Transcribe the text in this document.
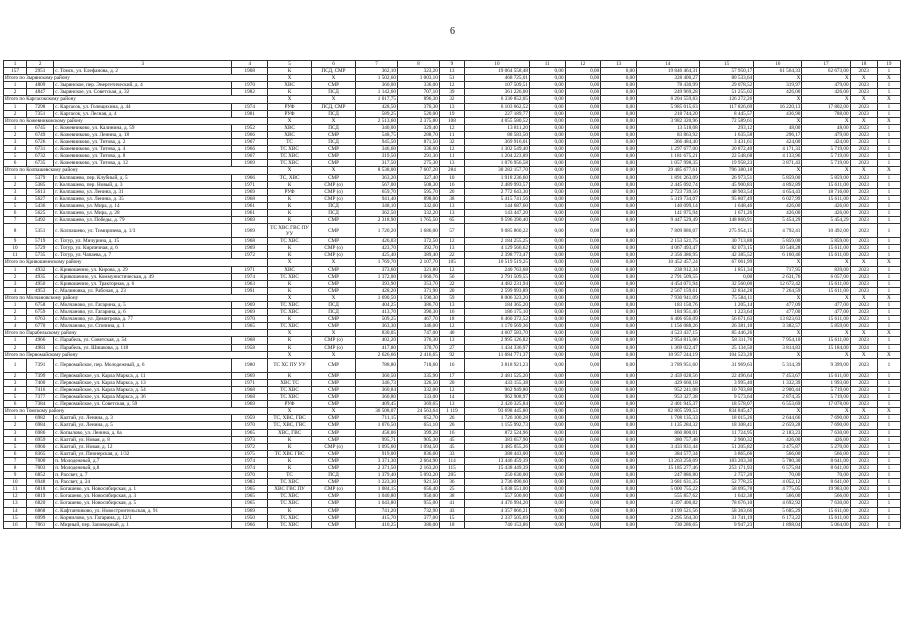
6
1	2	3	4	5	6	7	8	9	10	11	12	13	14	15	16	17	18	19
157	2951	с. Томск, ул. Елефанова, д. 2	1908	К	ПСД, СМР	362,10	323,20	13	19 064 558,48	0,00	0,00	0,00	19 846 464,31	57 950,17	61 564,33	62 673,00	2023	1
Итого по Зырянскому району				Х	Х	1 502,60	1 003,10	51	468 725,01	0,00	0,00	0,00	328 400,27	80 533,64	Х	Х	Х	Х
1	4809	с. Зырянское, пер. Энергетический, д. 4	1970	ХВС	СМР	360,00	336,00	12	107 509,51	0,00	0,00	0,00	78 430,99	29 078,52	319,97	479,00	2023	1
2	4847	с. Зырянское, ул. Советская, д. 32	1982	К	ПСД	1 142,60	707,10	39	361 226,00	0,00	0,00	0,00	249 969,28	51 255,02	426,00	426,00	2023	1
Итого по Каргасокскому району				Х	Х	1 017,75	896,30	32	6 330 852,05	0,00	0,00	0,00	6 204 559,83	126 272,26	Х	Х	Х	Х
1	7298	с. Каргасок, ул. Голещихина, д. 44	1974	РУФ	ПСД, СМР	428,50	376,30	13	6 103 662,52	0,00	0,00	0,00	5 985 015,63	117 826,69	16 220,13	17 802,00	2023	1
2	7351	с. Каргасок, ул. Лесная, д. 4	1981	РУФ	ПСД	589,25	520,00	19	227 189,77	0,00	0,00	0,00	218 744,20	8 445,57	436,90	788,00	2023	1
Итого по Кожевниковскому району				Х	Х	2 513,60	2 375,80	108	4 055 580,52	0,00	0,00	0,00	3 982 320,96	72 589,61	Х	Х	Х	Х
1	6745	с. Кожевниково, ул. Калинина, д. 59	1952	ХВС	ПСД	340,00	329,40	12	13 811,20	0,00	0,00	0,00	13 518,08	293,12	48,00	48,00	2023	1
2	6749	с. Кожевниково, ул. Ленина, д. 18	1966	ХВС	СМР	548,75	288,70	11	88 583,50	0,00	0,00	0,00	83 863,92	1 635,58	296,17	479,00	2023	1
3	6726	с. Кожевниково, ул. Титова, д. 2	1967	ТС	ПСД	945,50	871,50	32	369 916,01	0,00	0,00	0,00	366 484,40	3 431,61	424,00	424,00	2023	1
4	6731	с. Кожевниково, ул. Титова, д. 4	1966	ТС ХВС	СМР	346,60	336,60	12	1 302 549,40	0,00	0,00	0,00	1 297 677,00	20 872,40	4 171,33	5 719,00	2023	1
5	6732	с. Кожевниково, ул. Титова, д. 8	1967	ТС ХВС	СМР	319,50	291,30	11	1 204 223,89	0,00	0,00	0,00	1 181 675,21	22 548,68	4 133,96	5 719,00	2023	1
6	6735	с. Кожевниково, ул. Титова, д. 12	1969	ТС ХВС	СМР	317,50	275,30	13	1 076 956,58	0,00	0,00	0,00	1 057 998,35	19 958,23	3 871,43	5 719,00	2023	1
Итого по Колпашевскому району				Х	Х	8 538,00	7 607,20	284	30 282 157,70	0,00	0,00	0,00	29 485 677,61	796 380,18	Х	Х	Х	Х
1	5379	г. Колпашево, пер. Клубный, д. 5	1966	ТС, ХВС	СМР	363,20	327,40	10	1 918 236,60	0,00	0,00	0,00	1 891 263,09	26 973,51	5 859,00	5 859,00	2023	1
2	5385	г. Колпашево, пер. Новый, д. 3	1971	К	СМР (о)	567,00	508,30	16	2 489 993,57	0,00	0,00	0,00	2 445 092,74	45 900,83	4 892,89	15 611,00	2023	1
3	5613	г. Колпашево, ул. Ленина, д. 31	1969	РУФ	СМР (о)	659,70	595,70	20	2 772 643,30	0,00	0,00	0,00	2 723 739,56	48 903,54	4 654,43	18 716,00	2023	1
4	5627	г. Колпашево, ул. Ленина, д. 35	1968	К	СМР (о)	941,40	898,00	38	5 415 741,56	0,00	0,00	0,00	5 319 734,07	95 807,49	6 027,99	15 611,00	2023	1
5	5436	г. Колпашево, ул. Мира, д. 14	1961	К	ПСД	348,10	332,60	13	144 687,60	0,00	0,00	0,00	140 099,14	1 648,46	426,00	426,00	2023	1
6	5625	г. Колпашево, ул. Мира, д. 28	1961	К	ПСД	362,50	332,20	13	143 447,20	0,00	0,00	0,00	141 975,94	1 671,26	426,00	426,00	2023	1
7	5492	г. Колпашево, ул. Победы, д. 79	1969	К	СМР	2 318,90	1 765,50	65	9 596 390,40	0,00	0,00	0,00	9 447 529,49	148 860,91	5 454,29	5 454,29	2023	1
8	5351	с. Колпашево, ул. Тимирязева, д. 1/3	1969	ТС ХВС ГВС ПУ УУ	СМР	1 720,20	1 686,00	57	9 085 860,22	0,00	0,00	0,00	7 809 886,07	275 954,15	4 792,41	10 492,00	2023	1
9	5719	с. Тогур, ул. Мичурина, д. 15	1968	ТС ХВС	СМР	426,03	372,50	12	2 184 255,25	0,00	0,00	0,00	2 153 521,75	30 713,88	5 859,00	5 859,00	2023	1
10	5729	с. Тогур, ул. Кирпичная, д. 6	1969	К	СМР (о)	423,70	392,70	13	4 129 566,62	0,00	0,00	0,00	4 067 493,47	82 073,15	10 548,28	15 611,00	2023	1
11	5735	с. Тогур, ул. Чапаева, д. 7	1972	К	СМР (о)	425,40	389,40	22	2 398 773,47	0,00	0,00	0,00	2 356 386,95	42 385,52	6 160,46	15 611,00	2023	1
Итого по Кривошеинскому району				Х	Х	1 769,70	2 107,70	105	10 519 519,25	0,00	0,00	0,00	10 452 457,24	67 061,99	Х	Х	Х	Х
1	4932	с. Кривошеино, ул. Кирова, д. 29	1971	ХВС	СМР	373,60	321,80	12	240 763,68	0,00	0,00	0,00	238 912,34	1 851,34	717,95	839,00	2023	1
2	4935	с. Кривошеино, ул. Коммунистическая, д. 49	1974	ТС ХВС	СМР	1 372,00	1 060,76	56	2 791 509,55	0,00	0,00	0,00	2 791 509,55	0,00	2 631,76	6 057,00	2023	1
3	4950	с. Кривошеино, ул. Тракторная, д. 6	1963	К	СМР	393,90	353,70	22	4 482 231,94	0,00	0,00	0,00	4 454 071,94	32 560,00	12 672,42	15 611,00	2023	1
4	4953	с. Малиновка, ул. Рабочая, д. 23	1991	К	СМР	428,20	371,90	20	2 599 993,89	0,00	0,00	0,00	2 567 159,61	32 834,28	7 264,59	15 611,00	2023	1
Итого по Молчановскому району				Х	Х	1 690,50	1 590,30	59	8 006 323,20	0,00	0,00	0,00	7 930 941,09	75 584,11	Х	Х	Х	Х
1	6758	с. Молчаново, ул. Гагарина, д. 5	1969	ТС ХВС	ПСД	404,25	386,70	13	184 365,20	0,00	0,00	0,00	183 150,76	1 205,14	477,09	477,00	2023	1
2	6759	с. Молчаново, ул. Гагарина, д. 6	1969	ТС ХВС	ПСД	413,70	390,30	16	186 175,10	0,00	0,00	0,00	184 951,46	1 223,64	477,00	477,00	2023	1
3	6763	с. Молчаново, ул. Димитрова, д. 77	1970	К	СМР	509,25	467,70	18	6 460 372,52	0,00	0,00	0,00	6 406 656,09	56 671,63	13 823,63	15 611,00	2023	1
4	6770	с. Молчаново, ул. Стопина, д. 1	1965	ТС ХВС	СМР	363,30	346,00	12	1 170 569,36	0,00	0,00	0,00	1 156 088,26	26 381,10	3 382,57	5 859,00	2023	1
Итого по Парабельскому району				Х	Х	830,05	747,00	40	4 607 583,70	0,00	0,00	0,00	4 523 437,15	85 446,26	Х	Х	Х	Х
1	4966	с. Парабель, ул. Советская, д. 54	1968	К	СМР (о)	402,20	376,30	13	2 995 126,82	0,00	0,00	0,00	2 954 815,06	58 311,76	7 954,10	15 611,00	2023	1
2	4983	с. Парабель, ул. Шишкова, д. 118	1958	К	СМР (о)	417,80	370,70	27	1 434 336,97	0,00	0,00	0,00	1 369 022,47	25 134,50	3 814,83	15 184,00	2024	1
Итого по Первомайскому району				Х	Х	2 626,66	2 416,65	92	11 084 771,37	0,00	0,00	0,00	10 957 244,19	104 523,28	Х	Х	Х	Х
1	7391	с. Первомайское, пер. Молодежный, д. 6	1980	ТС ХС ПУ УУ	СМР	788,80	718,60	16	3 818 921,23	0,00	0,00	0,00	3 789 951,60	31 969,63	5 314,39	9 399,00	2023	1
2	7399	с. Первомайское, ул. Карла Маркса, д. 11	1969	К	СМР	360,50	335,90	17	2 481 525,20	0,00	0,00	0,00	2 459 028,56	22 496,64	7 453,67	15 611,00	2023	1
3	7400	с. Первомайское, ул. Карла Маркса, д. 13	1971	ХВС ТС	СМР	346,73	326,50	20	433 155,38	0,00	0,00	0,00	429 660,18	3 995,40	1 332,39	1 993,00	2023	1
4	7416	с. Первомайское, ул. Карла Маркса, д. 54	1968	ТС ХВС	СМР	360,84	332,00	12	962 949,80	0,00	0,00	0,00	952 241,08	10 703,80	2 900,44	5 719,00	2023	1
5	7377	с. Первомайское, ул. Карла Маркса, д. 36	1968	ТС ХВС	СМР	360,80	333,00	14	962 908,97	0,00	0,00	0,00	953 327,38	9 573,64	2 874,35	5 719,00	2023	1
6	7384	с. Первомайское, ул. Советская, д. 59	1969	РУФ	СМР	409,45	369,65	13	2 420 325,84	0,00	0,00	0,00	2 401 945,37	18 578,07	6 553,69	17 078,00	2023	1
Итого по Томскому району				Х	Х	30 508,07	24 563,64	1 119	93 698 445,80	0,00	0,00	0,00	82 805 599,53	834 845,47	Х	Х	Х	Х
1	6982	с. Калтай, ул. Ленина, д. 3	1959	ТС, ХВС, ГВС	СМР	711,15	652,70	26	1 726 100,28	0,00	0,00	0,00	1 708 135,33	18 015,26	2 644,66	7 690,00	2023	1
2	6984	с. Калтай, ул. Ленина, д. 5	1970	ТС, ХВС, ГВС	СМР	1 076,50	651,10	26	1 155 992,73	0,00	0,00	0,00	1 135 284,32	18 308,41	2 659,28	7 690,00	2023	1
3	6986	с. Копылово, ул. Ленина, д. 6а	1965	ХВС, ГВС	СМР	458,06	399,28	16	872 524,96	0,00	0,00	0,00	860 800,01	11 724,95	2 183,23	7 630,00	2023	1
4	6959	с. Калтай, ул. Новая, д. 8	1973	К	СМР	995,71	905,30	45	383 657,90	0,00	0,00	0,00	380 757,48	2 900,32	426,00	426,00	2023	1
5	6960	с. Калтай, ул. Новая, д. 12	1972	К	СМР (о)	1 095,60	1 094,50	45	3 485 055,26	0,00	0,00	0,00	3 433 831,44	51 205,82	3 475,87	5 270,00	2023	1
6	8365	с. Калтай, ул. Пионерская, д. 1/32	1975	ТС ХВС ГВС	СМР	919,00	836,60	33	388 443,00	0,00	0,00	0,00	384 577,34	3 865,66	566,00	566,00	2023	1
7	7000	п. Молодежный, д.7	1974	К	СМР	3 371,30	2 664,90	114	13 446 459,39	0,00	0,00	0,00	13 263 256,09	183 203,30	5 780,30	8 641,00	2023	1
8	7003	п. Молодежный, д.8	1974	К	СМР	2 371,50	2 163,20	115	15 438 449,39	0,00	0,00	0,00	15 185 277,46	253 171,93	6 575,84	8 641,00	2023	1
9	6852	п. Рассвет, д. 7	1970	ТС	ПСД	1 379,40	5 093,20	205	250 630,00	0,00	0,00	0,00	247 886,80	2 757,20	70,00	70,00	2023	1
10	6948	п. Рассвет, д. 24	1983	ТС ХВС	СМР	1 223,30	921,50	36	3 736 090,60	0,00	0,00	0,00	3 681 631,35	52 778,25	4 052,12	8 641,00	2023	1
11	6818	с. Богашево, ул. Новосибирская, д. 1	1965	ХВС ГВС ПУ	СМР (о)	1 084,15	656,40	25	5 038 551,00	0,00	0,00	0,00	5 000 755,22	58 095,78	4 775,05	19 983,00	2023	1
12	6819	с. Богашево, ул. Новосибирская, д. 3	1965	ТС ХВС	СМР	1 040,80	950,00	38	557 500,00	0,00	0,00	0,00	555 857,62	1 642,38	566,00	566,00	2023	1
13	6820	с. Богашево, ул. Новосибирская, д. 5	1965	ТС ХВС	СМР	1 043,80	955,00	41	4 476 994,20	0,00	0,00	0,00	4 397 400,82	78 676,10	4 692,92	7 630,00	2023	1
14	6868	с. Кафтанчиково, ул. Новостроительская, д. 91	1969	К	СМР	741,20	732,90	43	4 357 066,21	0,00	0,00	0,00	4 199 521,56	58 363,66	5 685,29	15 611,00	2023	1
15	6999	с. Корнилово, ул. Гагарина, д. 12/1	1950	ТС ХВС	СМР	415,70	377,00	15	2 337 505,69	0,00	0,00	0,00	2 295 564,30	31 741,19	6 173,22	15 611,00	2023	1
16	7061	с. Мирный, пер. Заповедный, д. 1	1966	ТС ХВС	СМР	410,25	380,00	18	740 153,86	0,00	0,00	0,00	730 286,65	9 947,23	1 898,04	5 064,00	2023	1
